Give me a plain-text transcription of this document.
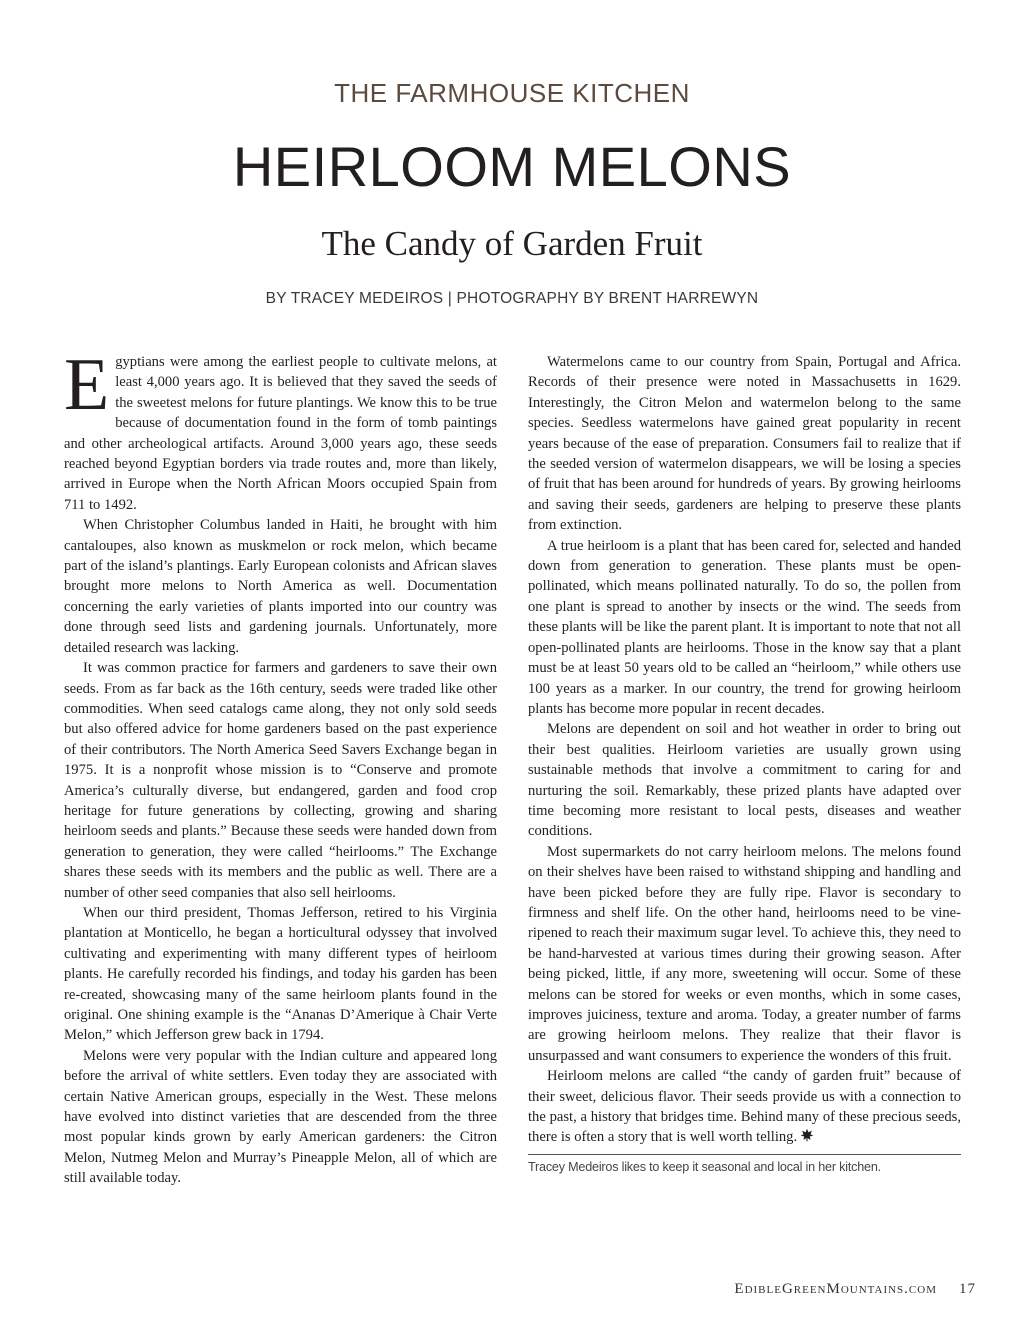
THE FARMHOUSE KITCHEN
HEIRLOOM MELONS
The Candy of Garden Fruit
BY TRACEY MEDEIROS | PHOTOGRAPHY BY BRENT HARREWYN

Egyptians were among the earliest people to cultivate melons, at least 4,000 years ago. It is believed that they saved the seeds of the sweetest melons for future plantings. We know this to be true because of documentation found in the form of tomb paintings and other archeological artifacts. Around 3,000 years ago, these seeds reached beyond Egyptian borders via trade routes and, more than likely, arrived in Europe when the North African Moors occupied Spain from 711 to 1492.

When Christopher Columbus landed in Haiti, he brought with him cantaloupes, also known as muskmelon or rock melon, which became part of the island’s plantings. Early European colonists and African slaves brought more melons to North America as well. Documentation concerning the early varieties of plants imported into our country was done through seed lists and gardening journals. Unfortunately, more detailed research was lacking.

It was common practice for farmers and gardeners to save their own seeds. From as far back as the 16th century, seeds were traded like other commodities. When seed catalogs came along, they not only sold seeds but also offered advice for home gardeners based on the past experience of their contributors. The North America Seed Savers Exchange began in 1975. It is a nonprofit whose mission is to “Conserve and promote America’s culturally diverse, but endangered, garden and food crop heritage for future generations by collecting, growing and sharing heirloom seeds and plants.” Because these seeds were handed down from generation to generation, they were called “heirlooms.” The Exchange shares these seeds with its members and the public as well. There are a number of other seed companies that also sell heirlooms.

When our third president, Thomas Jefferson, retired to his Virginia plantation at Monticello, he began a horticultural odyssey that involved cultivating and experimenting with many different types of heirloom plants. He carefully recorded his findings, and today his garden has been re-created, showcasing many of the same heirloom plants found in the original. One shining example is the “Ananas D’Amerique à Chair Verte Melon,” which Jefferson grew back in 1794.

Melons were very popular with the Indian culture and appeared long before the arrival of white settlers. Even today they are associated with certain Native American groups, especially in the West. These melons have evolved into distinct varieties that are descended from the three most popular kinds grown by early American gardeners: the Citron Melon, Nutmeg Melon and Murray’s Pineapple Melon, all of which are still available today.

Watermelons came to our country from Spain, Portugal and Africa. Records of their presence were noted in Massachusetts in 1629. Interestingly, the Citron Melon and watermelon belong to the same species. Seedless watermelons have gained great popularity in recent years because of the ease of preparation. Consumers fail to realize that if the seeded version of watermelon disappears, we will be losing a species of fruit that has been around for hundreds of years. By growing heirlooms and saving their seeds, gardeners are helping to preserve these plants from extinction.

A true heirloom is a plant that has been cared for, selected and handed down from generation to generation. These plants must be open-pollinated, which means pollinated naturally. To do so, the pollen from one plant is spread to another by insects or the wind. The seeds from these plants will be like the parent plant. It is important to note that not all open-pollinated plants are heirlooms. Those in the know say that a plant must be at least 50 years old to be called an “heirloom,” while others use 100 years as a marker. In our country, the trend for growing heirloom plants has become more popular in recent decades.

Melons are dependent on soil and hot weather in order to bring out their best qualities. Heirloom varieties are usually grown using sustainable methods that involve a commitment to caring for and nurturing the soil. Remarkably, these prized plants have adapted over time becoming more resistant to local pests, diseases and weather conditions.

Most supermarkets do not carry heirloom melons. The melons found on their shelves have been raised to withstand shipping and handling and have been picked before they are fully ripe. Flavor is secondary to firmness and shelf life. On the other hand, heirlooms need to be vine-ripened to reach their maximum sugar level. To achieve this, they need to be hand-harvested at various times during their growing season. After being picked, little, if any more, sweetening will occur. Some of these melons can be stored for weeks or even months, which in some cases, improves juiciness, texture and aroma. Today, a greater number of farms are growing heirloom melons. They realize that their flavor is unsurpassed and want consumers to experience the wonders of this fruit.

Heirloom melons are called “the candy of garden fruit” because of their sweet, delicious flavor. Their seeds provide us with a connection to the past, a history that bridges time. Behind many of these precious seeds, there is often a story that is well worth telling.

Tracey Medeiros likes to keep it seasonal and local in her kitchen.
EdibleGreenMountains.com 17
